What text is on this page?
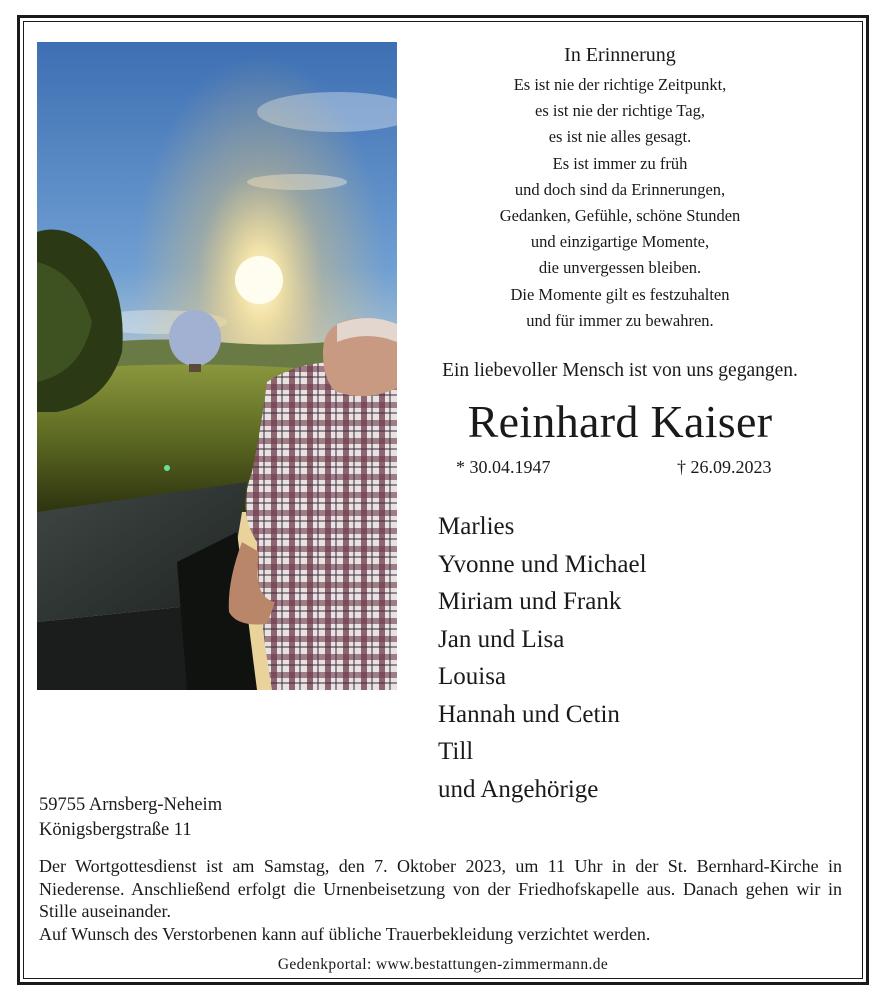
In Erinnerung
Es ist nie der richtige Zeitpunkt,
es ist nie der richtige Tag,
es ist nie alles gesagt.
Es ist immer zu früh
und doch sind da Erinnerungen,
Gedanken, Gefühle, schöne Stunden
und einzigartige Momente,
die unvergessen bleiben.
Die Momente gilt es festzuhalten
und für immer zu bewahren.
Ein liebevoller Mensch ist von uns gegangen.
Reinhard Kaiser
* 30.04.1947	† 26.09.2023
Marlies
Yvonne und Michael
Miriam und Frank
Jan und Lisa
Louisa
Hannah und Cetin
Till
und Angehörige
59755 Arnsberg-Neheim
Königsbergstraße 11

Der Wortgottesdienst ist am Samstag, den 7. Oktober 2023, um 11 Uhr in der St. Bernhard-Kirche in Niederense. Anschließend erfolgt die Urnenbeisetzung von der Friedhofskapelle aus. Danach gehen wir in Stille auseinander.

Auf Wunsch des Verstorbenen kann auf übliche Trauerbekleidung verzichtet werden.

Gedenkportal: www.bestattungen-zimmermann.de
